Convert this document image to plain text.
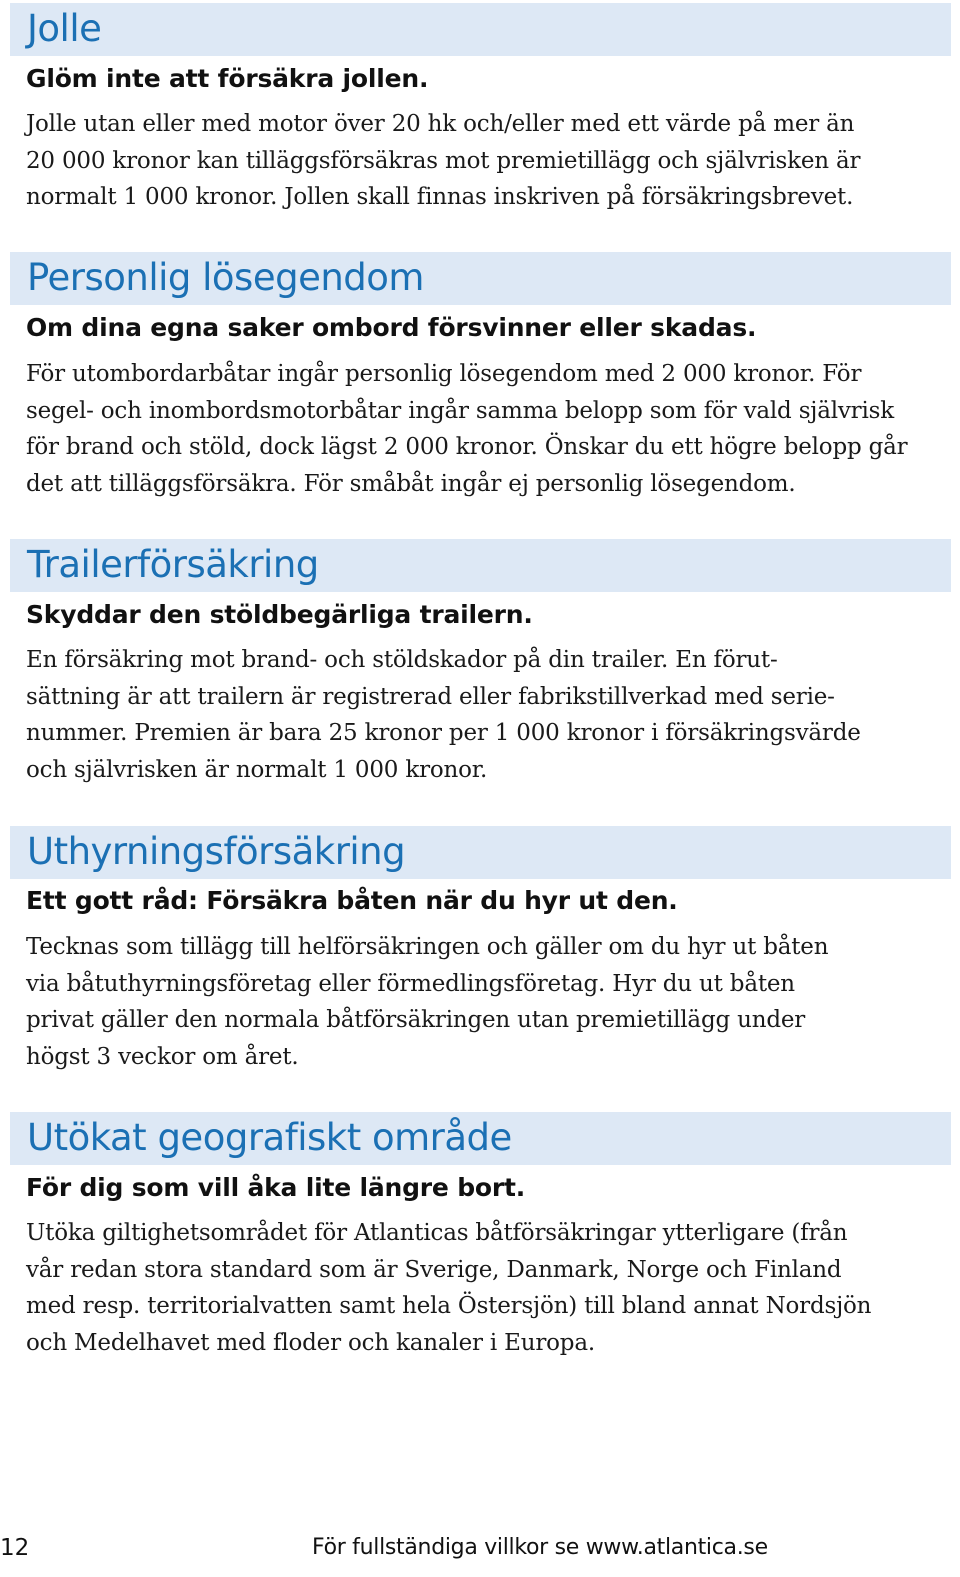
Jolle

Glöm inte att försäkra jollen.

Jolle utan eller med motor över 20 hk och/eller med ett värde på mer än
20 000 kronor kan tilläggsförsäkras mot premietillägg och självrisken är
normalt 1 000 kronor. Jollen skall finnas inskriven på försäkringsbrevet.

Personlig lösegendom

Om dina egna saker ombord försvinner eller skadas.

För utombordarbåtar ingår personlig lösegendom med 2 000 kronor. För
segel- och inombordsmotorbåtar ingår samma belopp som för vald självrisk
för brand och stöld, dock lägst 2 000 kronor. Önskar du ett högre belopp går
det att tilläggsförsäkra. För småbåt ingår ej personlig lösegendom.

Trailerförsäkring

Skyddar den stöldbegärliga trailern.

En försäkring mot brand- och stöldskador på din trailer. En förut-
sättning är att trailern är registrerad eller fabrikstillverkad med serie-
nummer. Premien är bara 25 kronor per 1 000 kronor i försäkringsvärde
och självrisken är normalt 1 000 kronor.

Uthyrningsförsäkring

Ett gott råd: Försäkra båten när du hyr ut den.

Tecknas som tillägg till helförsäkringen och gäller om du hyr ut båten
via båtuthyrningsföretag eller förmedlingsföretag. Hyr du ut båten
privat gäller den normala båtförsäkringen utan premietillägg under
högst 3 veckor om året.

Utökat geografiskt område

För dig som vill åka lite längre bort.

Utöka giltighetsområdet för Atlanticas båtförsäkringar ytterligare (från
vår redan stora standard som är Sverige, Danmark, Norge och Finland
med resp. territorialvatten samt hela Östersjön) till bland annat Nordsjön
och Medelhavet med floder och kanaler i Europa.

12	För fullständiga villkor se www.atlantica.se
